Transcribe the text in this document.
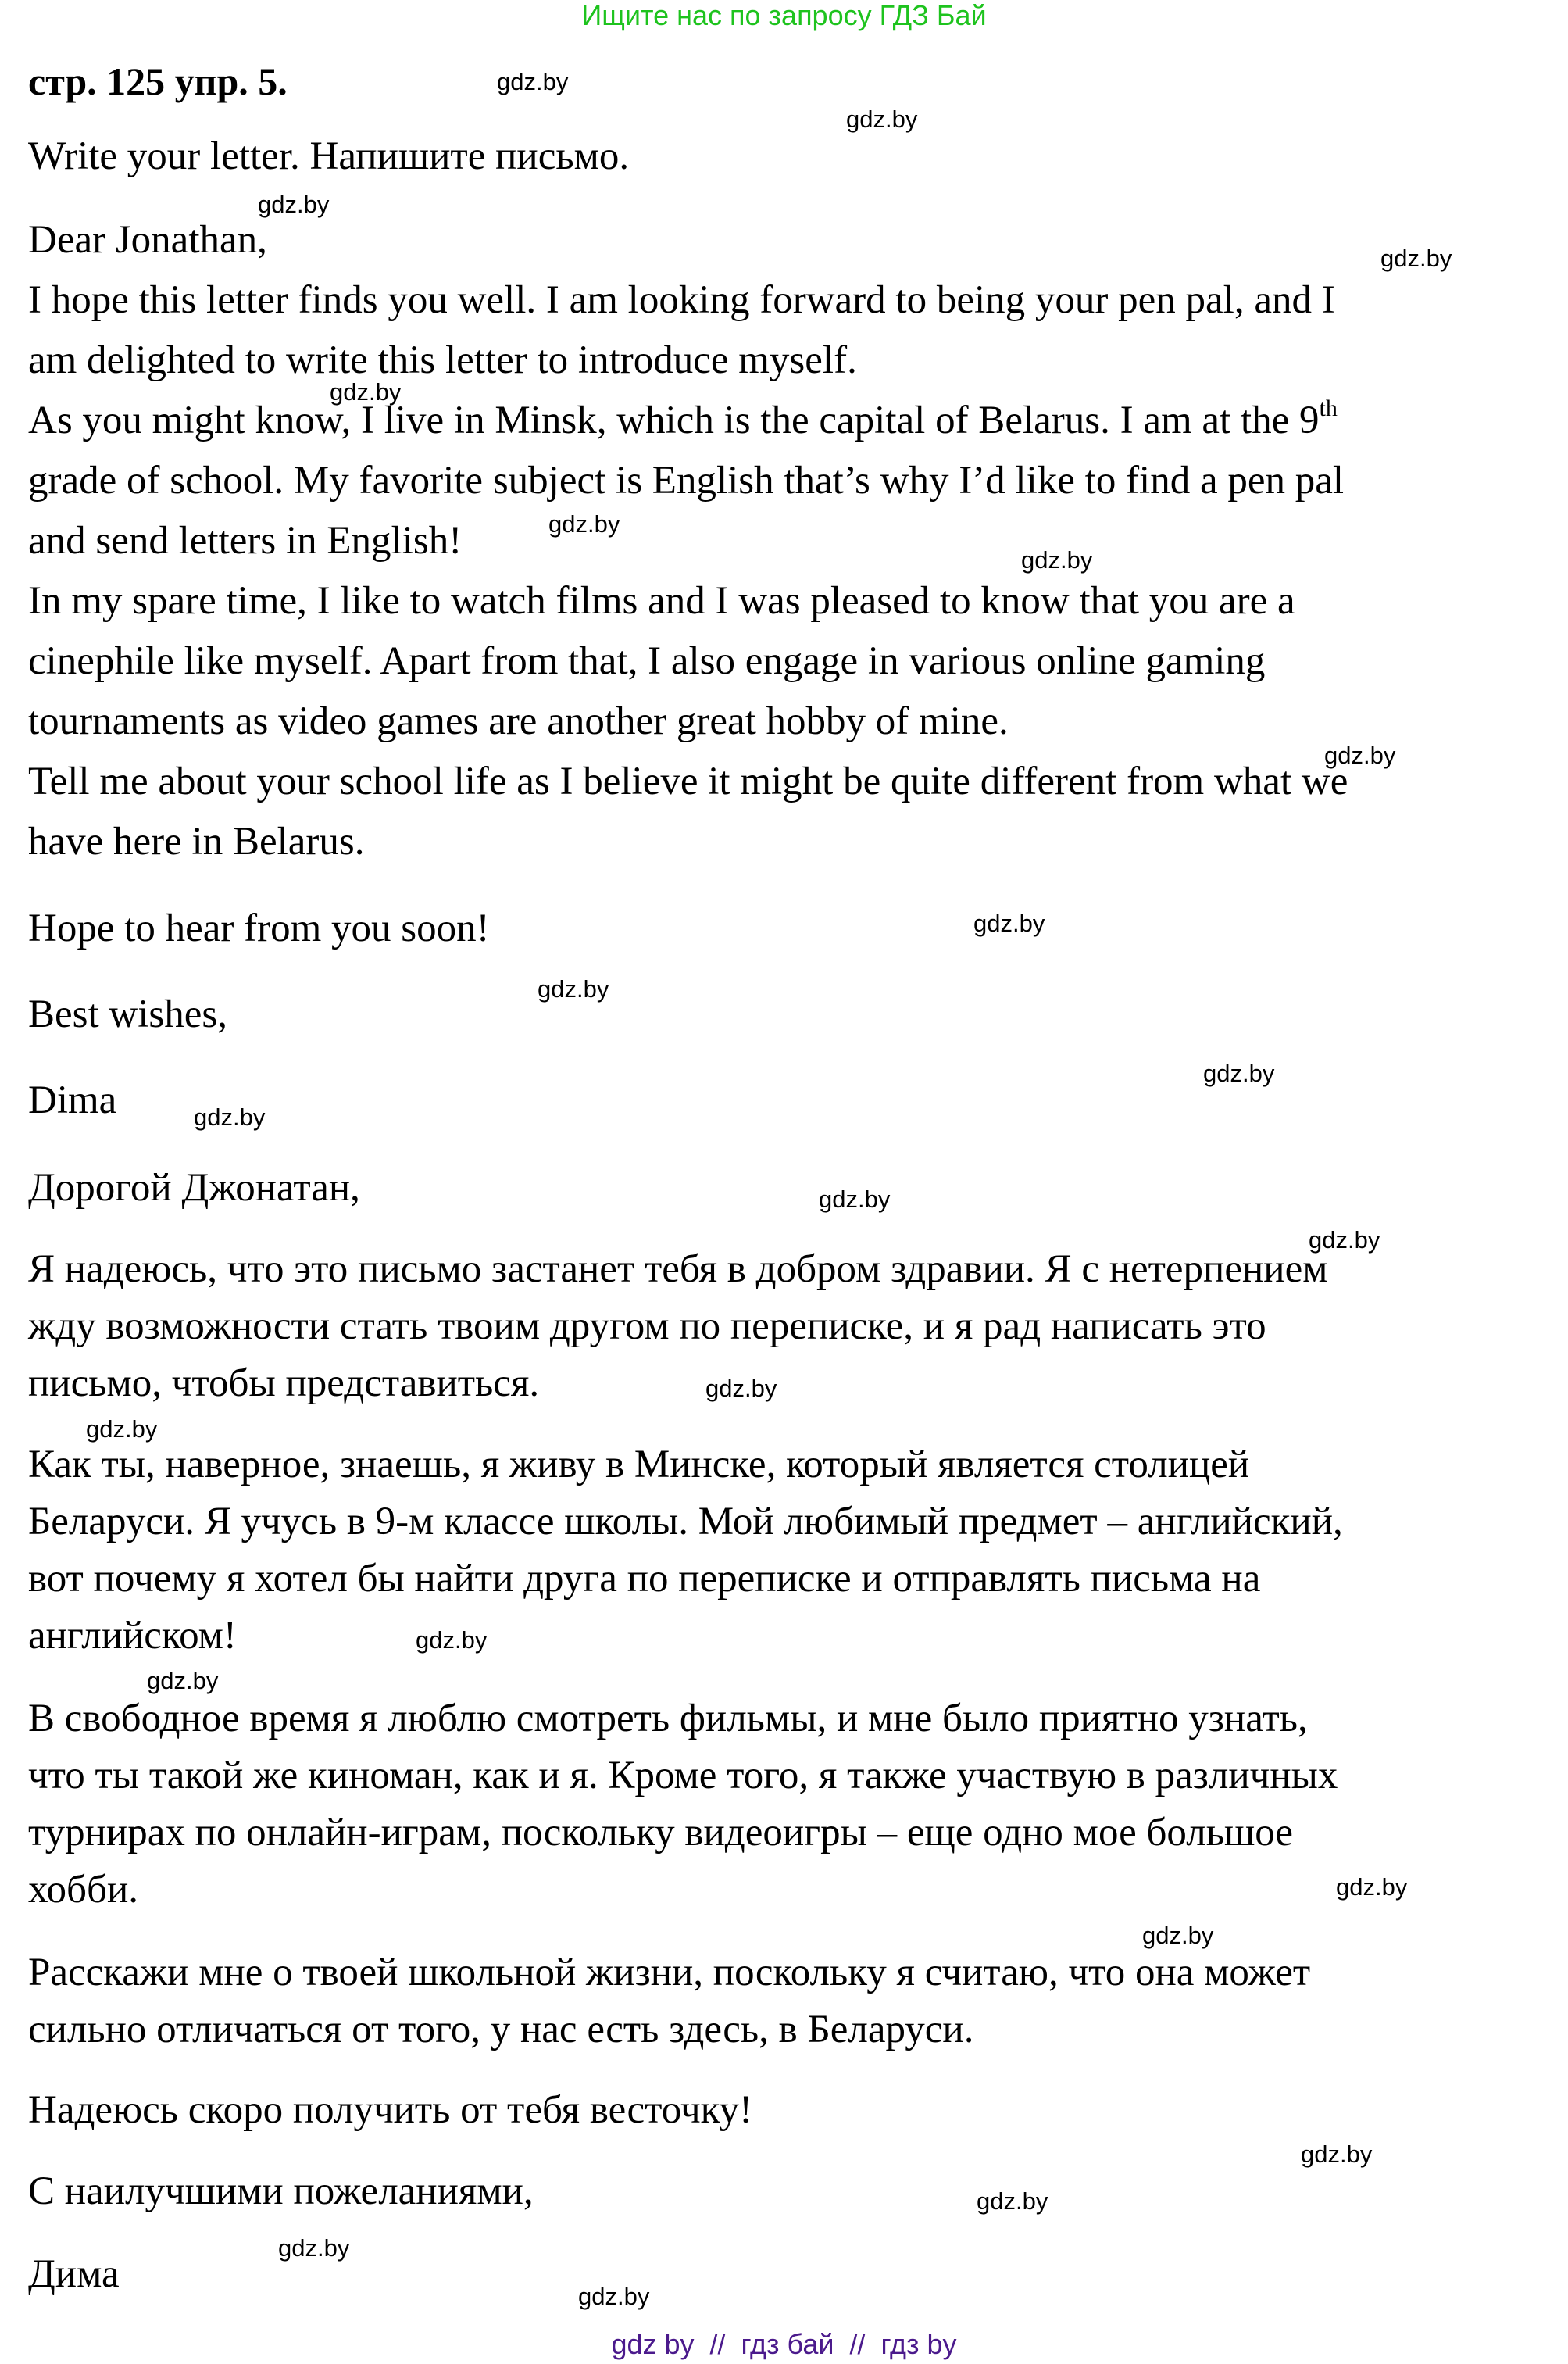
Ищите нас по запросу ГДЗ Бай
стр. 125 упр. 5.
Write your letter. Напишите письмо.
Dear Jonathan,
I hope this letter finds you well. I am looking forward to being your pen pal, and I
am delighted to write this letter to introduce myself.
As you might know, I live in Minsk, which is the capital of Belarus. I am at the 9th
grade of school. My favorite subject is English that’s why I’d like to find a pen pal
and send letters in English!
In my spare time, I like to watch films and I was pleased to know that you are a
cinephile like myself. Apart from that, I also engage in various online gaming
tournaments as video games are another great hobby of mine.
Tell me about your school life as I believe it might be quite different from what we
have here in Belarus.
Hope to hear from you soon!
Best wishes,
Dima
Дорогой Джонатан,
Я надеюсь, что это письмо застанет тебя в добром здравии. Я с нетерпением
жду возможности стать твоим другом по переписке, и я рад написать это
письмо, чтобы представиться.
Как ты, наверное, знаешь, я живу в Минске, который является столицей
Беларуси. Я учусь в 9-м классе школы. Мой любимый предмет – английский,
вот почему я хотел бы найти друга по переписке и отправлять письма на
английском!
В свободное время я люблю смотреть фильмы, и мне было приятно узнать,
что ты такой же киноман, как и я. Кроме того, я также участвую в различных
турнирах по онлайн-играм, поскольку видеоигры – еще одно мое большое
хобби.
Расскажи мне о твоей школьной жизни, поскольку я считаю, что она может
сильно отличаться от того, у нас есть здесь, в Беларуси.
Надеюсь скоро получить от тебя весточку!
С наилучшими пожеланиями,
Дима
gdz.by
gdz.by
gdz.by
gdz.by
gdz.by
gdz.by
gdz.by
gdz.by
gdz.by
gdz.by
gdz.by
gdz.by
gdz.by
gdz.by
gdz.by
gdz.by
gdz.by
gdz.by
gdz.by
gdz.by
gdz.by
gdz.by
gdz.by
gdz.by
gdz by  //  гдз бай  //  гдз by
